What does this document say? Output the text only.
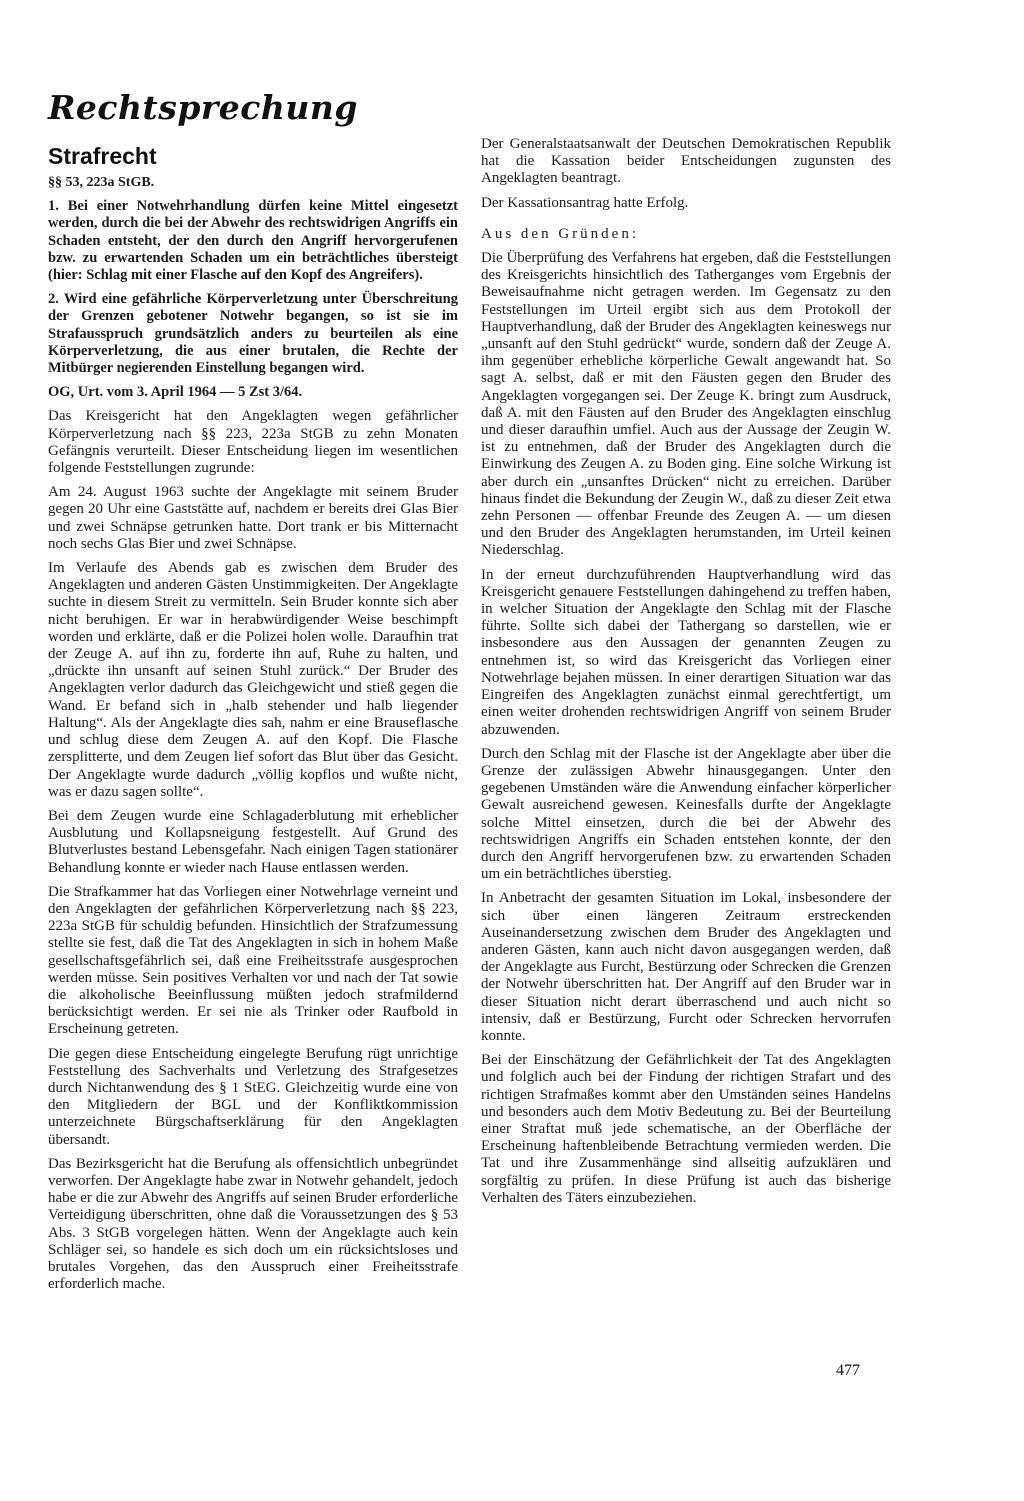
Rechtsprechung
Strafrecht

§§ 53, 223a StGB.

1. Bei einer Notwehrhandlung dürfen keine Mittel eingesetzt werden, durch die bei der Abwehr des rechtswidrigen Angriffs ein Schaden entsteht, der den durch den Angriff hervorgerufenen bzw. zu erwartenden Schaden um ein beträchtliches übersteigt (hier: Schlag mit einer Flasche auf den Kopf des Angreifers).

2. Wird eine gefährliche Körperverletzung unter Überschreitung der Grenzen gebotener Notwehr begangen, so ist sie im Strafausspruch grundsätzlich anders zu beurteilen als eine Körperverletzung, die aus einer brutalen, die Rechte der Mitbürger negierenden Einstellung begangen wird.

OG, Urt. vom 3. April 1964 — 5 Zst 3/64.

Das Kreisgericht hat den Angeklagten wegen gefährlicher Körperverletzung nach §§ 223, 223a StGB zu zehn Monaten Gefängnis verurteilt. Dieser Entscheidung liegen im wesentlichen folgende Feststellungen zugrunde:

Am 24. August 1963 suchte der Angeklagte mit seinem Bruder gegen 20 Uhr eine Gaststätte auf, nachdem er bereits drei Glas Bier und zwei Schnäpse getrunken hatte. Dort trank er bis Mitternacht noch sechs Glas Bier und zwei Schnäpse.

Im Verlaufe des Abends gab es zwischen dem Bruder des Angeklagten und anderen Gästen Unstimmigkeiten. Der Angeklagte suchte in diesem Streit zu vermitteln. Sein Bruder konnte sich aber nicht beruhigen. Er war in herabwürdigender Weise beschimpft worden und erklärte, daß er die Polizei holen wolle. Daraufhin trat der Zeuge A. auf ihn zu, forderte ihn auf, Ruhe zu halten, und „drückte ihn unsanft auf seinen Stuhl zurück.“ Der Bruder des Angeklagten verlor dadurch das Gleichgewicht und stieß gegen die Wand. Er befand sich in „halb stehender und halb liegender Haltung“. Als der Angeklagte dies sah, nahm er eine Brauseflasche und schlug diese dem Zeugen A. auf den Kopf. Die Flasche zersplitterte, und dem Zeugen lief sofort das Blut über das Gesicht. Der Angeklagte wurde dadurch „völlig kopflos und wußte nicht, was er dazu sagen sollte“.

Bei dem Zeugen wurde eine Schlagaderblutung mit erheblicher Ausblutung und Kollapsneigung festgestellt. Auf Grund des Blutverlustes bestand Lebensgefahr. Nach einigen Tagen stationärer Behandlung konnte er wieder nach Hause entlassen werden.

Die Strafkammer hat das Vorliegen einer Notwehrlage verneint und den Angeklagten der gefährlichen Körperverletzung nach §§ 223, 223a StGB für schuldig befunden. Hinsichtlich der Strafzumessung stellte sie fest, daß die Tat des Angeklagten in sich in hohem Maße gesellschaftsgefährlich sei, daß eine Freiheitsstrafe ausgesprochen werden müsse. Sein positives Verhalten vor und nach der Tat sowie die alkoholische Beeinflussung müßten jedoch strafmildernd berücksichtigt werden. Er sei nie als Trinker oder Raufbold in Erscheinung getreten.

Die gegen diese Entscheidung eingelegte Berufung rügt unrichtige Feststellung des Sachverhalts und Verletzung des Strafgesetzes durch Nichtanwendung des § 1 StEG. Gleichzeitig wurde eine von den Mitgliedern der BGL und der Konfliktkommission unterzeichnete Bürgschaftserklärung für den Angeklagten übersandt.

Das Bezirksgericht hat die Berufung als offensichtlich unbegründet verworfen. Der Angeklagte habe zwar in Notwehr gehandelt, jedoch habe er die zur Abwehr des Angriffs auf seinen Bruder erforderliche Verteidigung überschritten, ohne daß die Voraussetzungen des § 53 Abs. 3 StGB vorgelegen hätten. Wenn der Angeklagte auch kein Schläger sei, so handele es sich doch um ein rücksichtsloses und brutales Vorgehen, das den Ausspruch einer Freiheitsstrafe erforderlich mache.

Der Generalstaatsanwalt der Deutschen Demokratischen Republik hat die Kassation beider Entscheidungen zugunsten des Angeklagten beantragt.

Der Kassationsantrag hatte Erfolg.

Aus den Gründen:

Die Überprüfung des Verfahrens hat ergeben, daß die Feststellungen des Kreisgerichts hinsichtlich des Tatherganges vom Ergebnis der Beweisaufnahme nicht getragen werden. Im Gegensatz zu den Feststellungen im Urteil ergibt sich aus dem Protokoll der Hauptverhandlung, daß der Bruder des Angeklagten keineswegs nur „unsanft auf den Stuhl gedrückt“ wurde, sondern daß der Zeuge A. ihm gegenüber erhebliche körperliche Gewalt angewandt hat. So sagt A. selbst, daß er mit den Fäusten gegen den Bruder des Angeklagten vorgegangen sei. Der Zeuge K. bringt zum Ausdruck, daß A. mit den Fäusten auf den Bruder des Angeklagten einschlug und dieser daraufhin umfiel. Auch aus der Aussage der Zeugin W. ist zu entnehmen, daß der Bruder des Angeklagten durch die Einwirkung des Zeugen A. zu Boden ging. Eine solche Wirkung ist aber durch ein „unsanftes Drücken“ nicht zu erreichen. Darüber hinaus findet die Bekundung der Zeugin W., daß zu dieser Zeit etwa zehn Personen — offenbar Freunde des Zeugen A. — um diesen und den Bruder des Angeklagten herumstanden, im Urteil keinen Niederschlag.

In der erneut durchzuführenden Hauptverhandlung wird das Kreisgericht genauere Feststellungen dahingehend zu treffen haben, in welcher Situation der Angeklagte den Schlag mit der Flasche führte. Sollte sich dabei der Tathergang so darstellen, wie er insbesondere aus den Aussagen der genannten Zeugen zu entnehmen ist, so wird das Kreisgericht das Vorliegen einer Notwehrlage bejahen müssen. In einer derartigen Situation war das Eingreifen des Angeklagten zunächst einmal gerechtfertigt, um einen weiter drohenden rechtswidrigen Angriff von seinem Bruder abzuwenden.

Durch den Schlag mit der Flasche ist der Angeklagte aber über die Grenze der zulässigen Abwehr hinausgegangen. Unter den gegebenen Umständen wäre die Anwendung einfacher körperlicher Gewalt ausreichend gewesen. Keinesfalls durfte der Angeklagte solche Mittel einsetzen, durch die bei der Abwehr des rechtswidrigen Angriffs ein Schaden entstehen konnte, der den durch den Angriff hervorgerufenen bzw. zu erwartenden Schaden um ein beträchtliches überstieg.

In Anbetracht der gesamten Situation im Lokal, insbesondere der sich über einen längeren Zeitraum erstreckenden Auseinandersetzung zwischen dem Bruder des Angeklagten und anderen Gästen, kann auch nicht davon ausgegangen werden, daß der Angeklagte aus Furcht, Bestürzung oder Schrecken die Grenzen der Notwehr überschritten hat. Der Angriff auf den Bruder war in dieser Situation nicht derart überraschend und auch nicht so intensiv, daß er Bestürzung, Furcht oder Schrecken hervorrufen konnte.

Bei der Einschätzung der Gefährlichkeit der Tat des Angeklagten und folglich auch bei der Findung der richtigen Strafart und des richtigen Strafmaßes kommt aber den Umständen seines Handelns und besonders auch dem Motiv Bedeutung zu. Bei der Beurteilung einer Straftat muß jede schematische, an der Oberfläche der Erscheinung haftenbleibende Betrachtung vermieden werden. Die Tat und ihre Zusammenhänge sind allseitig aufzuklären und sorgfältig zu prüfen. In diese Prüfung ist auch das bisherige Verhalten des Täters einzubeziehen.

477
